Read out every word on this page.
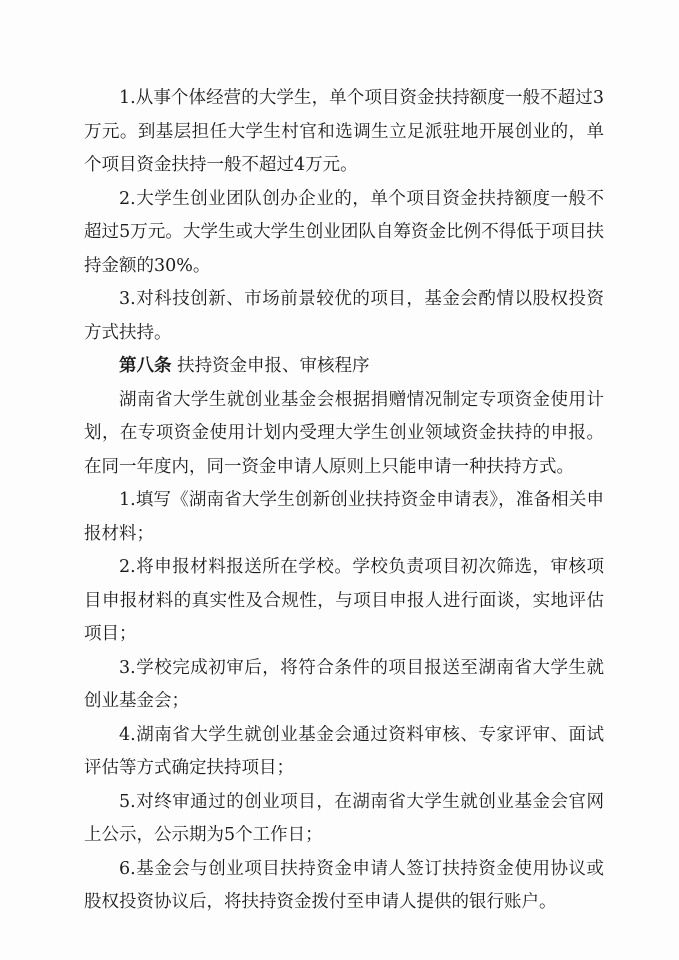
1.从事个体经营的大学生，单个项目资金扶持额度一般不超过3万元。到基层担任大学生村官和选调生立足派驻地开展创业的，单个项目资金扶持一般不超过4万元。

2.大学生创业团队创办企业的，单个项目资金扶持额度一般不超过5万元。大学生或大学生创业团队自筹资金比例不得低于项目扶持金额的30%。

3.对科技创新、市场前景较优的项目，基金会酌情以股权投资方式扶持。

第八条 扶持资金申报、审核程序

湖南省大学生就创业基金会根据捐赠情况制定专项资金使用计划，在专项资金使用计划内受理大学生创业领域资金扶持的申报。在同一年度内，同一资金申请人原则上只能申请一种扶持方式。

1.填写《湖南省大学生创新创业扶持资金申请表》，准备相关申报材料；

2.将申报材料报送所在学校。学校负责项目初次筛选，审核项目申报材料的真实性及合规性，与项目申报人进行面谈，实地评估项目；

3.学校完成初审后，将符合条件的项目报送至湖南省大学生就创业基金会；

4.湖南省大学生就创业基金会通过资料审核、专家评审、面试评估等方式确定扶持项目；

5.对终审通过的创业项目，在湖南省大学生就创业基金会官网上公示，公示期为5个工作日；

6.基金会与创业项目扶持资金申请人签订扶持资金使用协议或股权投资协议后，将扶持资金拨付至申请人提供的银行账户。
